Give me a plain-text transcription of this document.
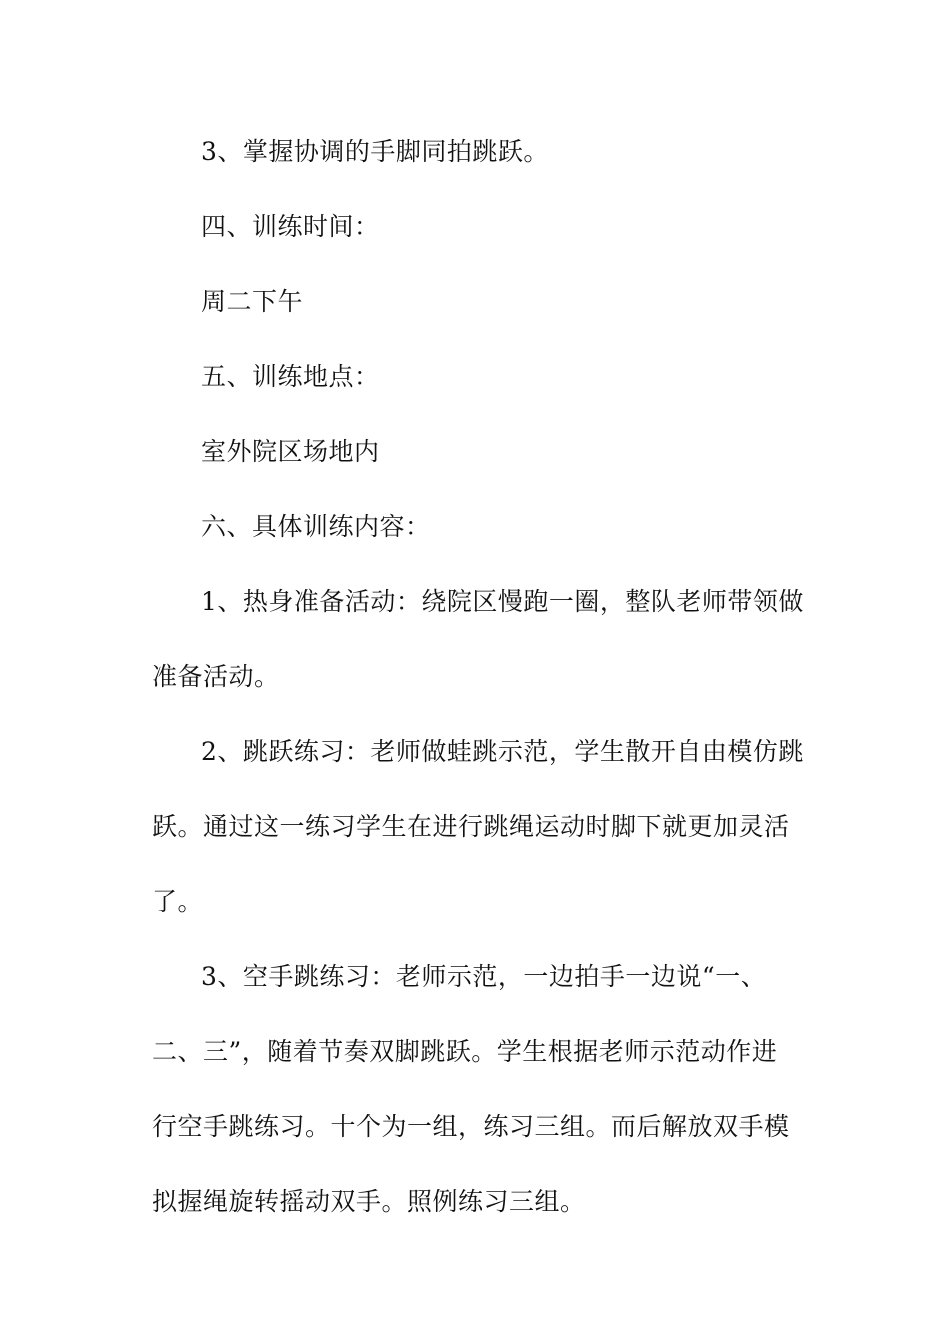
3、掌握协调的手脚同拍跳跃。
四、训练时间：
周二下午
五、训练地点：
室外院区场地内
六、具体训练内容：
1、热身准备活动：绕院区慢跑一圈，整队老师带领做
准备活动。
2、跳跃练习：老师做蛙跳示范，学生散开自由模仿跳
跃。通过这一练习学生在进行跳绳运动时脚下就更加灵活
了。
3、空手跳练习：老师示范，一边拍手一边说“一、
二、三”，随着节奏双脚跳跃。学生根据老师示范动作进
行空手跳练习。十个为一组，练习三组。而后解放双手模
拟握绳旋转摇动双手。照例练习三组。
